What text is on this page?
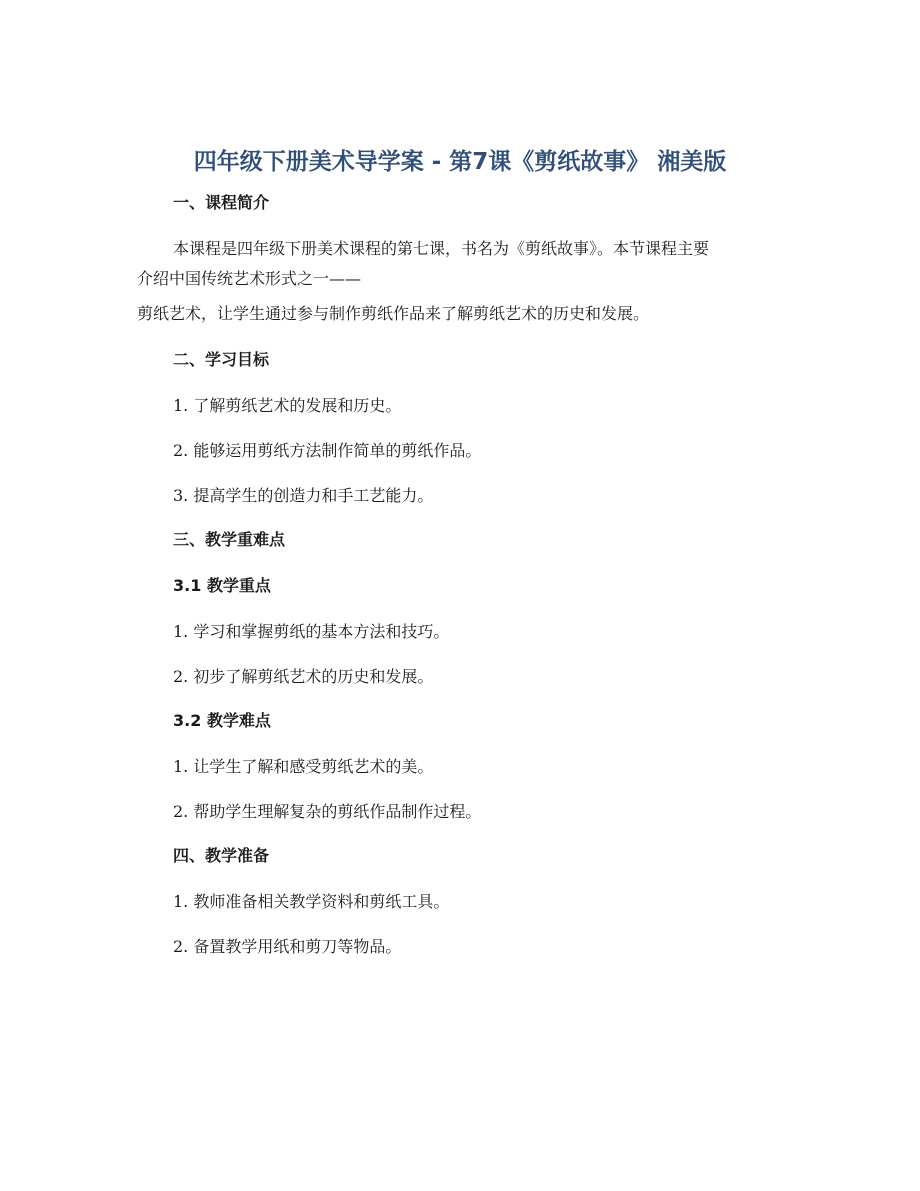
四年级下册美术导学案 - 第7课《剪纸故事》 湘美版
一、课程简介
本课程是四年级下册美术课程的第七课，书名为《剪纸故事》。本节课程主要
介绍中国传统艺术形式之一——
剪纸艺术，让学生通过参与制作剪纸作品来了解剪纸艺术的历史和发展。
二、学习目标
1. 了解剪纸艺术的发展和历史。
2. 能够运用剪纸方法制作简单的剪纸作品。
3. 提高学生的创造力和手工艺能力。
三、教学重难点
3.1 教学重点
1. 学习和掌握剪纸的基本方法和技巧。
2. 初步了解剪纸艺术的历史和发展。
3.2 教学难点
1. 让学生了解和感受剪纸艺术的美。
2. 帮助学生理解复杂的剪纸作品制作过程。
四、教学准备
1. 教师准备相关教学资料和剪纸工具。
2. 备置教学用纸和剪刀等物品。
